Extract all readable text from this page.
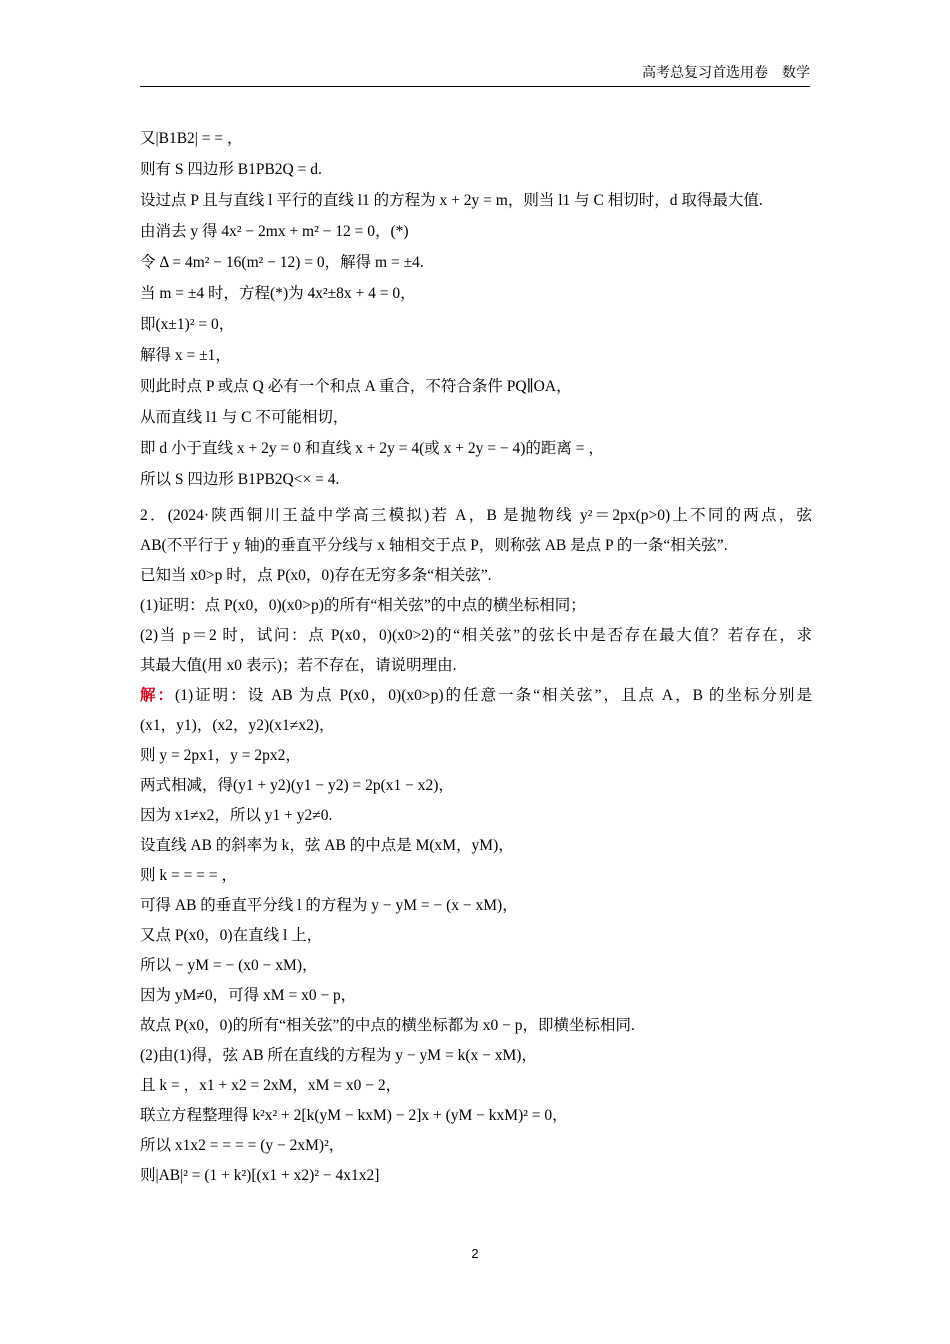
高考总复习首选用卷　数学
又|B1B2| = = ，
则有 S 四边形 B1PB2Q = d.
设过点 P 且与直线 l 平行的直线 l1 的方程为 x + 2y = m，则当 l1 与 C 相切时，d 取得最大值.
由消去 y 得 4x² − 2mx + m² − 12 = 0，(*)
令 Δ = 4m² − 16(m² − 12) = 0，解得 m = ±4.
当 m = ±4 时，方程(*)为 4x²±8x + 4 = 0，
即(x±1)² = 0，
解得 x = ±1，
则此时点 P 或点 Q 必有一个和点 A 重合，不符合条件 PQ∥OA，
从而直线 l1 与 C 不可能相切，
即 d 小于直线 x + 2y = 0 和直线 x + 2y = 4(或 x + 2y = − 4)的距离 = ，
所以 S 四边形 B1PB2Q<× = 4.
2．(2024·陕西铜川王益中学高三模拟)若 A，B 是抛物线 y²＝2px(p>0)上不同的两点，弦
AB(不平行于 y 轴)的垂直平分线与 x 轴相交于点 P，则称弦 AB 是点 P 的一条“相关弦”.
已知当 x0>p 时，点 P(x0，0)存在无穷多条“相关弦”.
(1)证明：点 P(x0，0)(x0>p)的所有“相关弦”的中点的横坐标相同；
(2)当 p＝2 时，试问：点 P(x0，0)(x0>2)的“相关弦”的弦长中是否存在最大值？若存在，求
其最大值(用 x0 表示)；若不存在，请说明理由.
解：(1)证明：设 AB 为点 P(x0，0)(x0>p)的任意一条“相关弦”，且点 A，B 的坐标分别是
(x1，y1)，(x2，y2)(x1≠x2)，
则 y = 2px1，y = 2px2，
两式相减，得(y1 + y2)(y1 − y2) = 2p(x1 − x2)，
因为 x1≠x2，所以 y1 + y2≠0.
设直线 AB 的斜率为 k，弦 AB 的中点是 M(xM，yM)，
则 k = = = = ，
可得 AB 的垂直平分线 l 的方程为 y − yM = − (x − xM)，
又点 P(x0，0)在直线 l 上，
所以 − yM = − (x0 − xM)，
因为 yM≠0，可得 xM = x0 − p，
故点 P(x0，0)的所有“相关弦”的中点的横坐标都为 x0 − p，即横坐标相同.
(2)由(1)得，弦 AB 所在直线的方程为 y − yM = k(x − xM)，
且 k = ，x1 + x2 = 2xM，xM = x0 − 2，
联立方程整理得 k²x² + 2[k(yM − kxM) − 2]x + (yM − kxM)² = 0，
所以 x1x2 = = = = (y − 2xM)²，
则|AB|² = (1 + k²)[(x1 + x2)² − 4x1x2]
2
